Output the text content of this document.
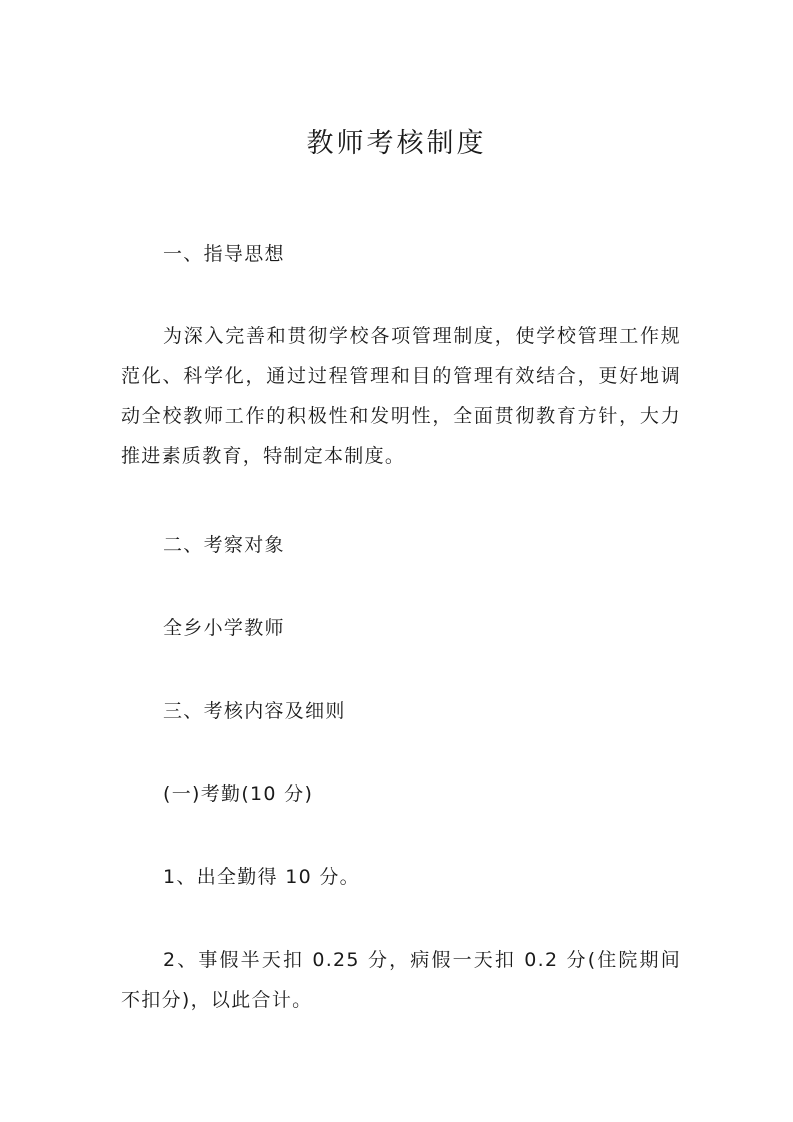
教师考核制度

一、指导思想

为深入完善和贯彻学校各项管理制度，使学校管理工作规范化、科学化，通过过程管理和目的管理有效结合，更好地调动全校教师工作的积极性和发明性，全面贯彻教育方针，大力推进素质教育，特制定本制度。

二、考察对象

全乡小学教师

三、考核内容及细则

(一)考勤(10 分)

1、出全勤得 10 分。

2、事假半天扣 0.25 分，病假一天扣 0.2 分(住院期间不扣分)，以此合计。
